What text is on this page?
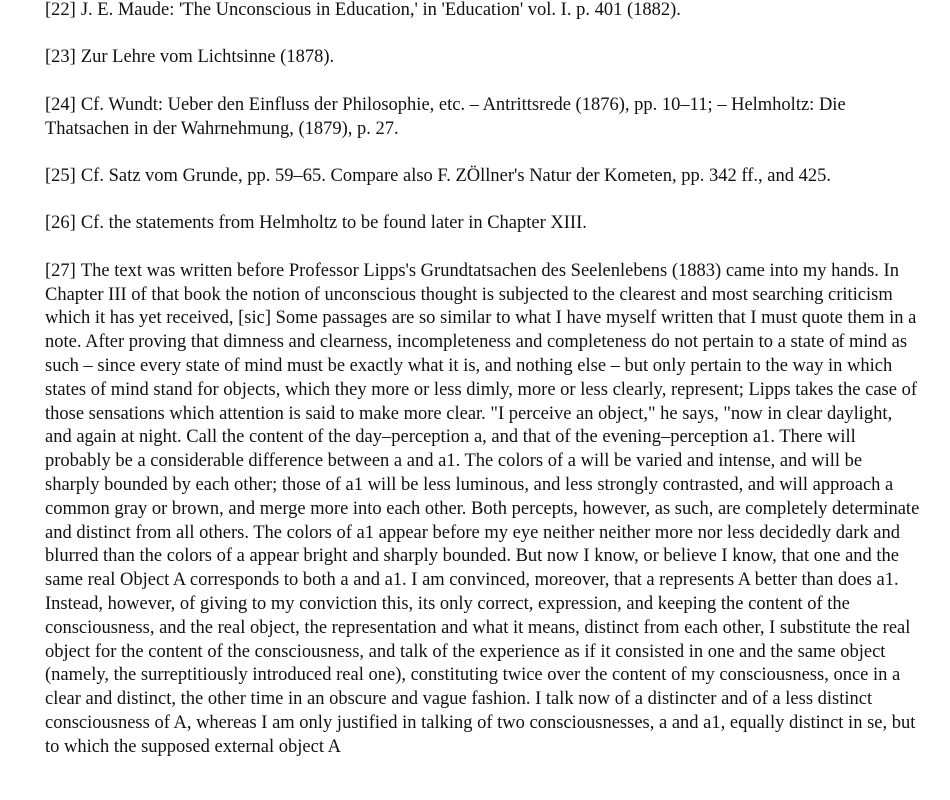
[22] J. E. Maude: 'The Unconscious in Education,' in 'Education' vol. I. p. 401 (1882).

[23] Zur Lehre vom Lichtsinne (1878).

[24] Cf. Wundt: Ueber den Einfluss der Philosophie, etc. – Antrittsrede (1876), pp. 10–11; – Helmholtz: Die Thatsachen in der Wahrnehmung, (1879), p. 27.

[25] Cf. Satz vom Grunde, pp. 59–65. Compare also F. ZÖllner's Natur der Kometen, pp. 342 ff., and 425.

[26] Cf. the statements from Helmholtz to be found later in Chapter XIII.

[27] The text was written before Professor Lipps's Grundtatsachen des Seelenlebens (1883) came into my hands. In Chapter III of that book the notion of unconscious thought is subjected to the clearest and most searching criticism which it has yet received, [sic] Some passages are so similar to what I have myself written that I must quote them in a note. After proving that dimness and clearness, incompleteness and completeness do not pertain to a state of mind as such – since every state of mind must be exactly what it is, and nothing else – but only pertain to the way in which states of mind stand for objects, which they more or less dimly, more or less clearly, represent; Lipps takes the case of those sensations which attention is said to make more clear. "I perceive an object," he says, "now in clear daylight, and again at night. Call the content of the day–perception a, and that of the evening–perception a1. There will probably be a considerable difference between a and a1. The colors of a will be varied and intense, and will be sharply bounded by each other; those of a1 will be less luminous, and less strongly contrasted, and will approach a common gray or brown, and merge more into each other. Both percepts, however, as such, are completely determinate and distinct from all others. The colors of a1 appear before my eye neither neither more nor less decidedly dark and blurred than the colors of a appear bright and sharply bounded. But now I know, or believe I know, that one and the same real Object A corresponds to both a and a1. I am convinced, moreover, that a represents A better than does a1. Instead, however, of giving to my conviction this, its only correct, expression, and keeping the content of the consciousness, and the real object, the representation and what it means, distinct from each other, I substitute the real object for the content of the consciousness, and talk of the experience as if it consisted in one and the same object (namely, the surreptitiously introduced real one), constituting twice over the content of my consciousness, once in a clear and distinct, the other time in an obscure and vague fashion. I talk now of a distincter and of a less distinct consciousness of A, whereas I am only justified in talking of two consciousnesses, a and a1, equally distinct in se, but to which the supposed external object A
